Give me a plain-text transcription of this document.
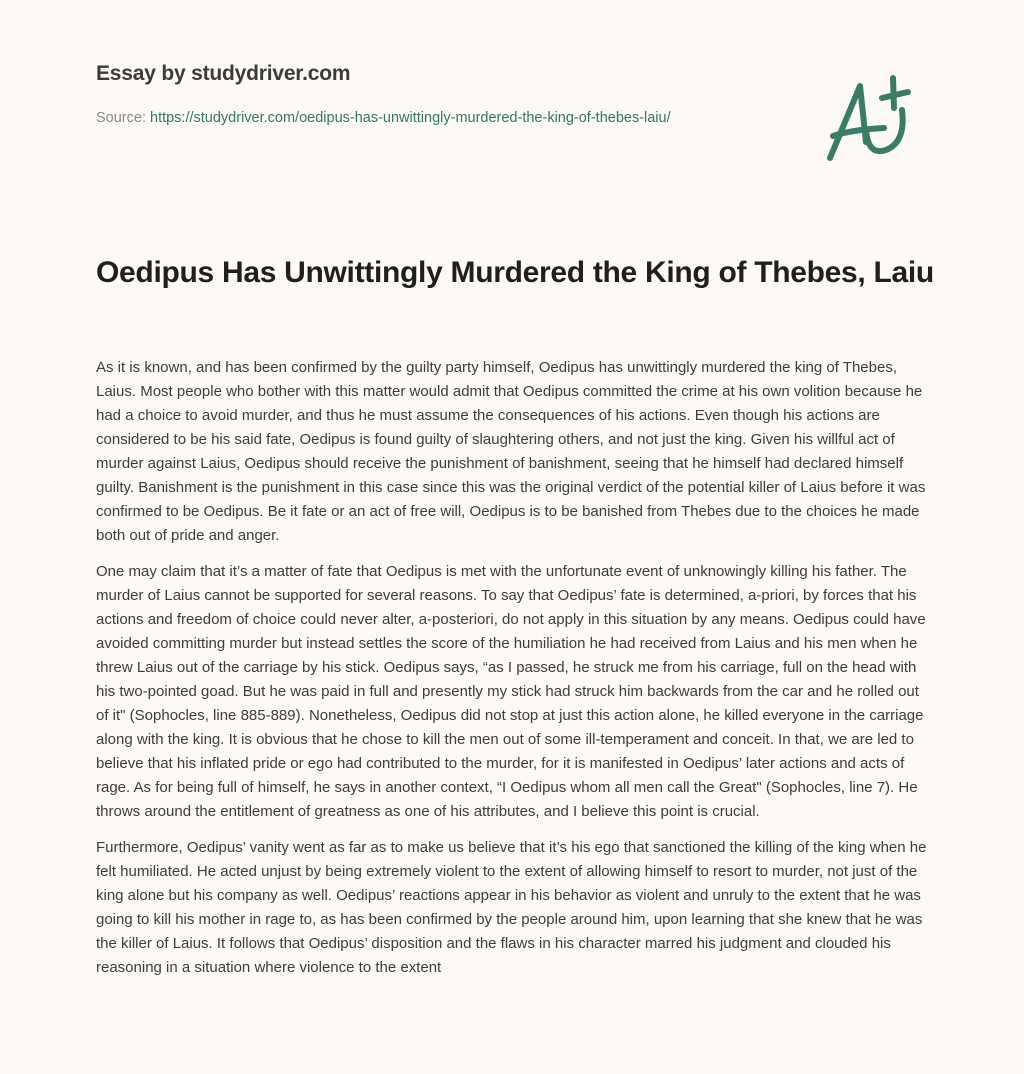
Essay by studydriver.com
Source: https://studydriver.com/oedipus-has-unwittingly-murdered-the-king-of-thebes-laiu/
Oedipus Has Unwittingly Murdered the King of Thebes, Laiu

As it is known, and has been confirmed by the guilty party himself, Oedipus has unwittingly murdered the king of Thebes, Laius. Most people who bother with this matter would admit that Oedipus committed the crime at his own volition because he had a choice to avoid murder, and thus he must assume the consequences of his actions. Even though his actions are considered to be his said fate, Oedipus is found guilty of slaughtering others, and not just the king. Given his willful act of murder against Laius, Oedipus should receive the punishment of banishment, seeing that he himself had declared himself guilty. Banishment is the punishment in this case since this was the original verdict of the potential killer of Laius before it was confirmed to be Oedipus. Be it fate or an act of free will, Oedipus is to be banished from Thebes due to the choices he made both out of pride and anger.

One may claim that it’s a matter of fate that Oedipus is met with the unfortunate event of unknowingly killing his father. The murder of Laius cannot be supported for several reasons. To say that Oedipus’ fate is determined, a-priori, by forces that his actions and freedom of choice could never alter, a-posteriori, do not apply in this situation by any means. Oedipus could have avoided committing murder but instead settles the score of the humiliation he had received from Laius and his men when he threw Laius out of the carriage by his stick. Oedipus says, “as I passed, he struck me from his carriage, full on the head with his two-pointed goad. But he was paid in full and presently my stick had struck him backwards from the car and he rolled out of it" (Sophocles, line 885-889). Nonetheless, Oedipus did not stop at just this action alone, he killed everyone in the carriage along with the king. It is obvious that he chose to kill the men out of some ill-temperament and conceit. In that, we are led to believe that his inflated pride or ego had contributed to the murder, for it is manifested in Oedipus’ later actions and acts of rage. As for being full of himself, he says in another context, “I Oedipus whom all men call the Great" (Sophocles, line 7). He throws around the entitlement of greatness as one of his attributes, and I believe this point is crucial.

Furthermore, Oedipus’ vanity went as far as to make us believe that it’s his ego that sanctioned the killing of the king when he felt humiliated. He acted unjust by being extremely violent to the extent of allowing himself to resort to murder, not just of the king alone but his company as well. Oedipus’ reactions appear in his behavior as violent and unruly to the extent that he was going to kill his mother in rage to, as has been confirmed by the people around him, upon learning that she knew that he was the killer of Laius. It follows that Oedipus’ disposition and the flaws in his character marred his judgment and clouded his reasoning in a situation where violence to the extent
